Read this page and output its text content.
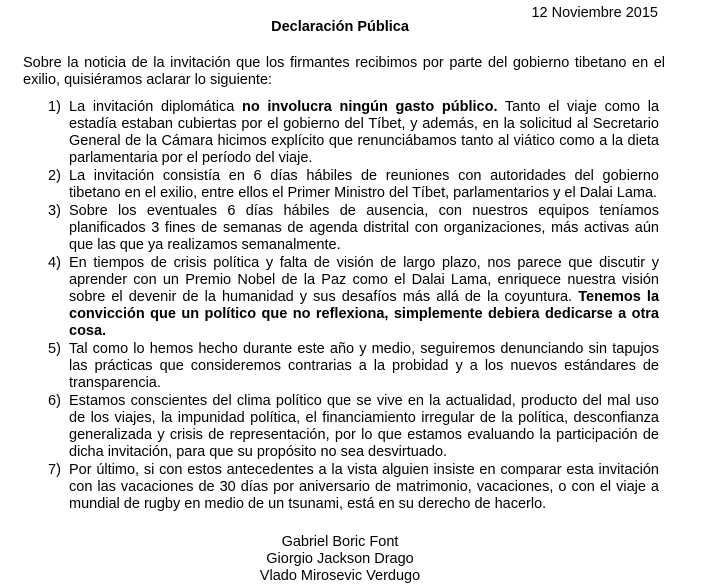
12 Noviembre 2015
Declaración Pública
Sobre la noticia de la invitación que los firmantes recibimos por parte del gobierno tibetano en el exilio, quisiéramos aclarar lo siguiente:
1) La invitación diplomática no involucra ningún gasto público. Tanto el viaje como la estadía estaban cubiertas por el gobierno del Tíbet, y además, en la solicitud al Secretario General de la Cámara hicimos explícito que renunciábamos tanto al viático como a la dieta parlamentaria por el período del viaje.
2) La invitación consistía en 6 días hábiles de reuniones con autoridades del gobierno tibetano en el exilio, entre ellos el Primer Ministro del Tíbet, parlamentarios y el Dalai Lama.
3) Sobre los eventuales 6 días hábiles de ausencia, con nuestros equipos teníamos planificados 3 fines de semanas de agenda distrital con organizaciones, más activas aún que las que ya realizamos semanalmente.
4) En tiempos de crisis política y falta de visión de largo plazo, nos parece que discutir y aprender con un Premio Nobel de la Paz como el Dalai Lama, enriquece nuestra visión sobre el devenir de la humanidad y sus desafíos más allá de la coyuntura. Tenemos la convicción que un político que no reflexiona, simplemente debiera dedicarse a otra cosa.
5) Tal como lo hemos hecho durante este año y medio, seguiremos denunciando sin tapujos las prácticas que consideremos contrarias a la probidad y a los nuevos estándares de transparencia.
6) Estamos conscientes del clima político que se vive en la actualidad, producto del mal uso de los viajes, la impunidad política, el financiamiento irregular de la política, desconfianza generalizada y crisis de representación, por lo que estamos evaluando la participación de dicha invitación, para que su propósito no sea desvirtuado.
7) Por último, si con estos antecedentes a la vista alguien insiste en comparar esta invitación con las vacaciones de 30 días por aniversario de matrimonio, vacaciones, o con el viaje a mundial de rugby en medio de un tsunami, está en su derecho de hacerlo.
Gabriel Boric Font
Giorgio Jackson Drago
Vlado Mirosevic Verdugo
